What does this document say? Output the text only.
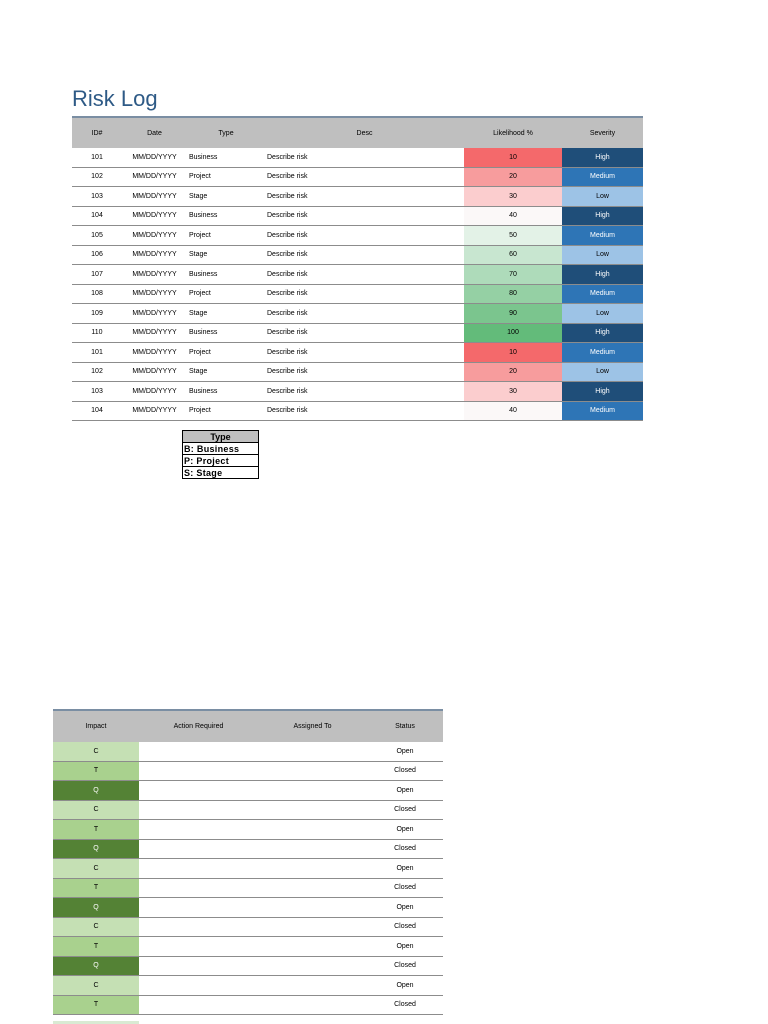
Risk Log
ID#	Date	Type	Desc	Likelihood %	Severity
101	MM/DD/YYYY	Business	Describe risk	10	High
102	MM/DD/YYYY	Project	Describe risk	20	Medium
103	MM/DD/YYYY	Stage	Describe risk	30	Low
104	MM/DD/YYYY	Business	Describe risk	40	High
105	MM/DD/YYYY	Project	Describe risk	50	Medium
106	MM/DD/YYYY	Stage	Describe risk	60	Low
107	MM/DD/YYYY	Business	Describe risk	70	High
108	MM/DD/YYYY	Project	Describe risk	80	Medium
109	MM/DD/YYYY	Stage	Describe risk	90	Low
110	MM/DD/YYYY	Business	Describe risk	100	High
101	MM/DD/YYYY	Project	Describe risk	10	Medium
102	MM/DD/YYYY	Stage	Describe risk	20	Low
103	MM/DD/YYYY	Business	Describe risk	30	High
104	MM/DD/YYYY	Project	Describe risk	40	Medium
Type
B: Business
P: Project
S: Stage
Impact	Action Required	Assigned To	Status
C			Open
T			Closed
Q			Open
C			Closed
T			Open
Q			Closed
C			Open
T			Closed
Q			Open
C			Closed
T			Open
Q			Closed
C			Open
T			Closed
